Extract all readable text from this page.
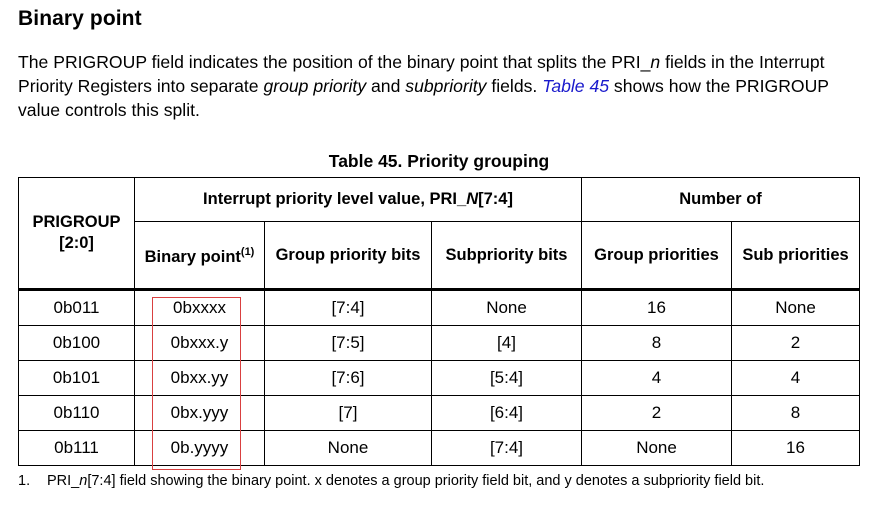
Binary point
The PRIGROUP field indicates the position of the binary point that splits the PRI_n fields in the Interrupt Priority Registers into separate group priority and subpriority fields. Table 45 shows how the PRIGROUP value controls this split.
Table 45. Priority grouping
PRIGROUP [2:0]	Interrupt priority level value, PRI_N[7:4]			Number of	
	Binary point$^{(1)}$	Group priority bits	Subpriority bits	Group priorities	Sub priorities
0b011	0bxxxx	[7:4]	None	16	None
0b100	0bxxx.y	[7:5]	[4]	8	2
0b101	0bxx.yy	[7:6]	[5:4]	4	4
0b110	0bx.yyy	[7]	[6:4]	2	8
0b111	0b.yyyy	None	[7:4]	None	16
1. PRI_n[7:4] field showing the binary point. x denotes a group priority field bit, and y denotes a subpriority field bit.
